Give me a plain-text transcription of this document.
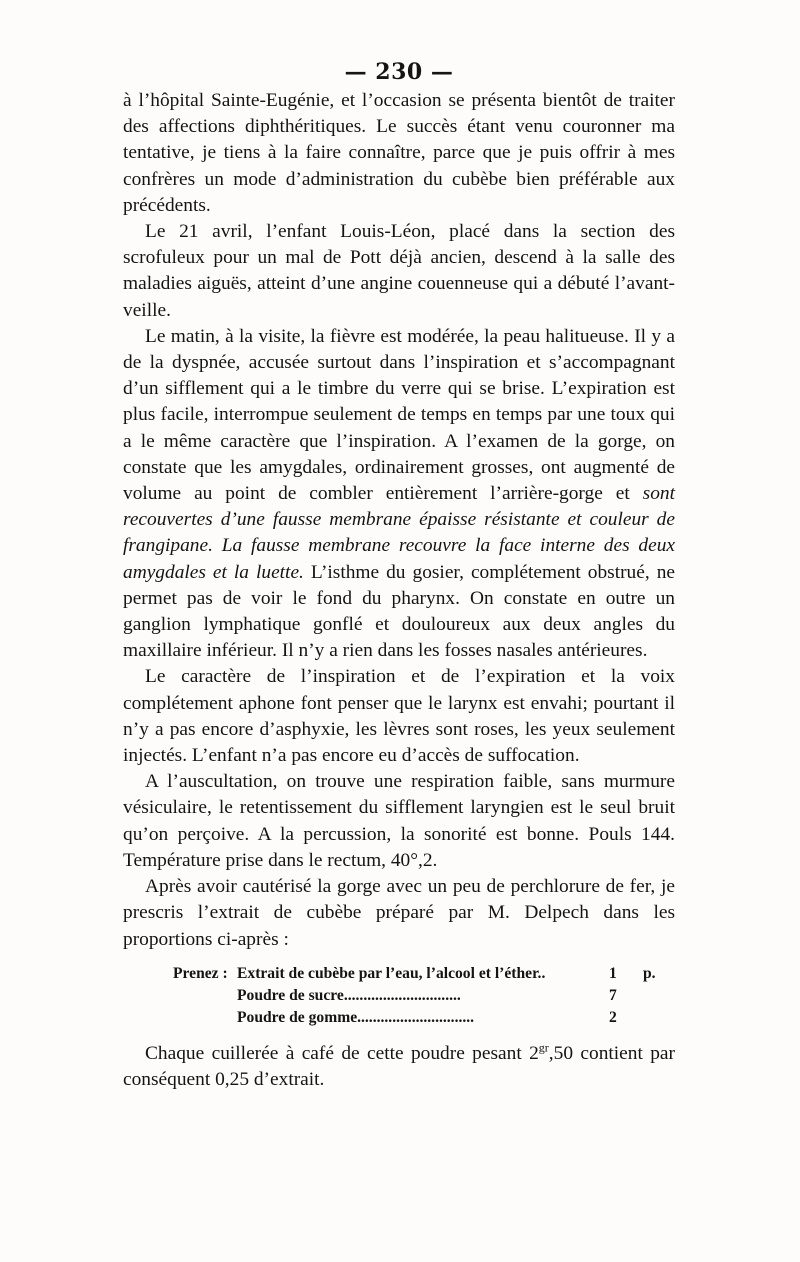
— 230 —

à l’hôpital Sainte-Eugénie, et l’occasion se présenta bientôt de traiter des affections diphthéritiques. Le succès étant venu couronner ma tentative, je tiens à la faire connaître, parce que je puis offrir à mes confrères un mode d’administration du cubèbe bien préférable aux précédents.

Le 21 avril, l’enfant Louis-Léon, placé dans la section des scrofuleux pour un mal de Pott déjà ancien, descend à la salle des maladies aiguës, atteint d’une angine couenneuse qui a débuté l’avant-veille.

Le matin, à la visite, la fièvre est modérée, la peau halitueuse. Il y a de la dyspnée, accusée surtout dans l’inspiration et s’accompagnant d’un sifflement qui a le timbre du verre qui se brise. L’expiration est plus facile, interrompue seulement de temps en temps par une toux qui a le même caractère que l’inspiration. A l’examen de la gorge, on constate que les amygdales, ordinairement grosses, ont augmenté de volume au point de combler entièrement l’arrière-gorge et sont recouvertes d’une fausse membrane épaisse résistante et couleur de frangipane. La fausse membrane recouvre la face interne des deux amygdales et la luette. L’isthme du gosier, complétement obstrué, ne permet pas de voir le fond du pharynx. On constate en outre un ganglion lymphatique gonflé et douloureux aux deux angles du maxillaire inférieur. Il n’y a rien dans les fosses nasales antérieures.

Le caractère de l’inspiration et de l’expiration et la voix complétement aphone font penser que le larynx est envahi; pourtant il n’y a pas encore d’asphyxie, les lèvres sont roses, les yeux seulement injectés. L’enfant n’a pas encore eu d’accès de suffocation.

A l’auscultation, on trouve une respiration faible, sans murmure vésiculaire, le retentissement du sifflement laryngien est le seul bruit qu’on perçoive. A la percussion, la sonorité est bonne. Pouls 144. Température prise dans le rectum, 40°,2.

Après avoir cautérisé la gorge avec un peu de perchlorure de fer, je prescris l’extrait de cubèbe préparé par M. Delpech dans les proportions ci-après :

Prenez : Extrait de cubèbe par l’eau, l’alcool et l’éther..	1	p.
Poudre de sucre..............................	7
Poudre de gomme..............................	2

Chaque cuillerée à café de cette poudre pesant $2^{gr},50$ contient par conséquent 0,25 d’extrait.
